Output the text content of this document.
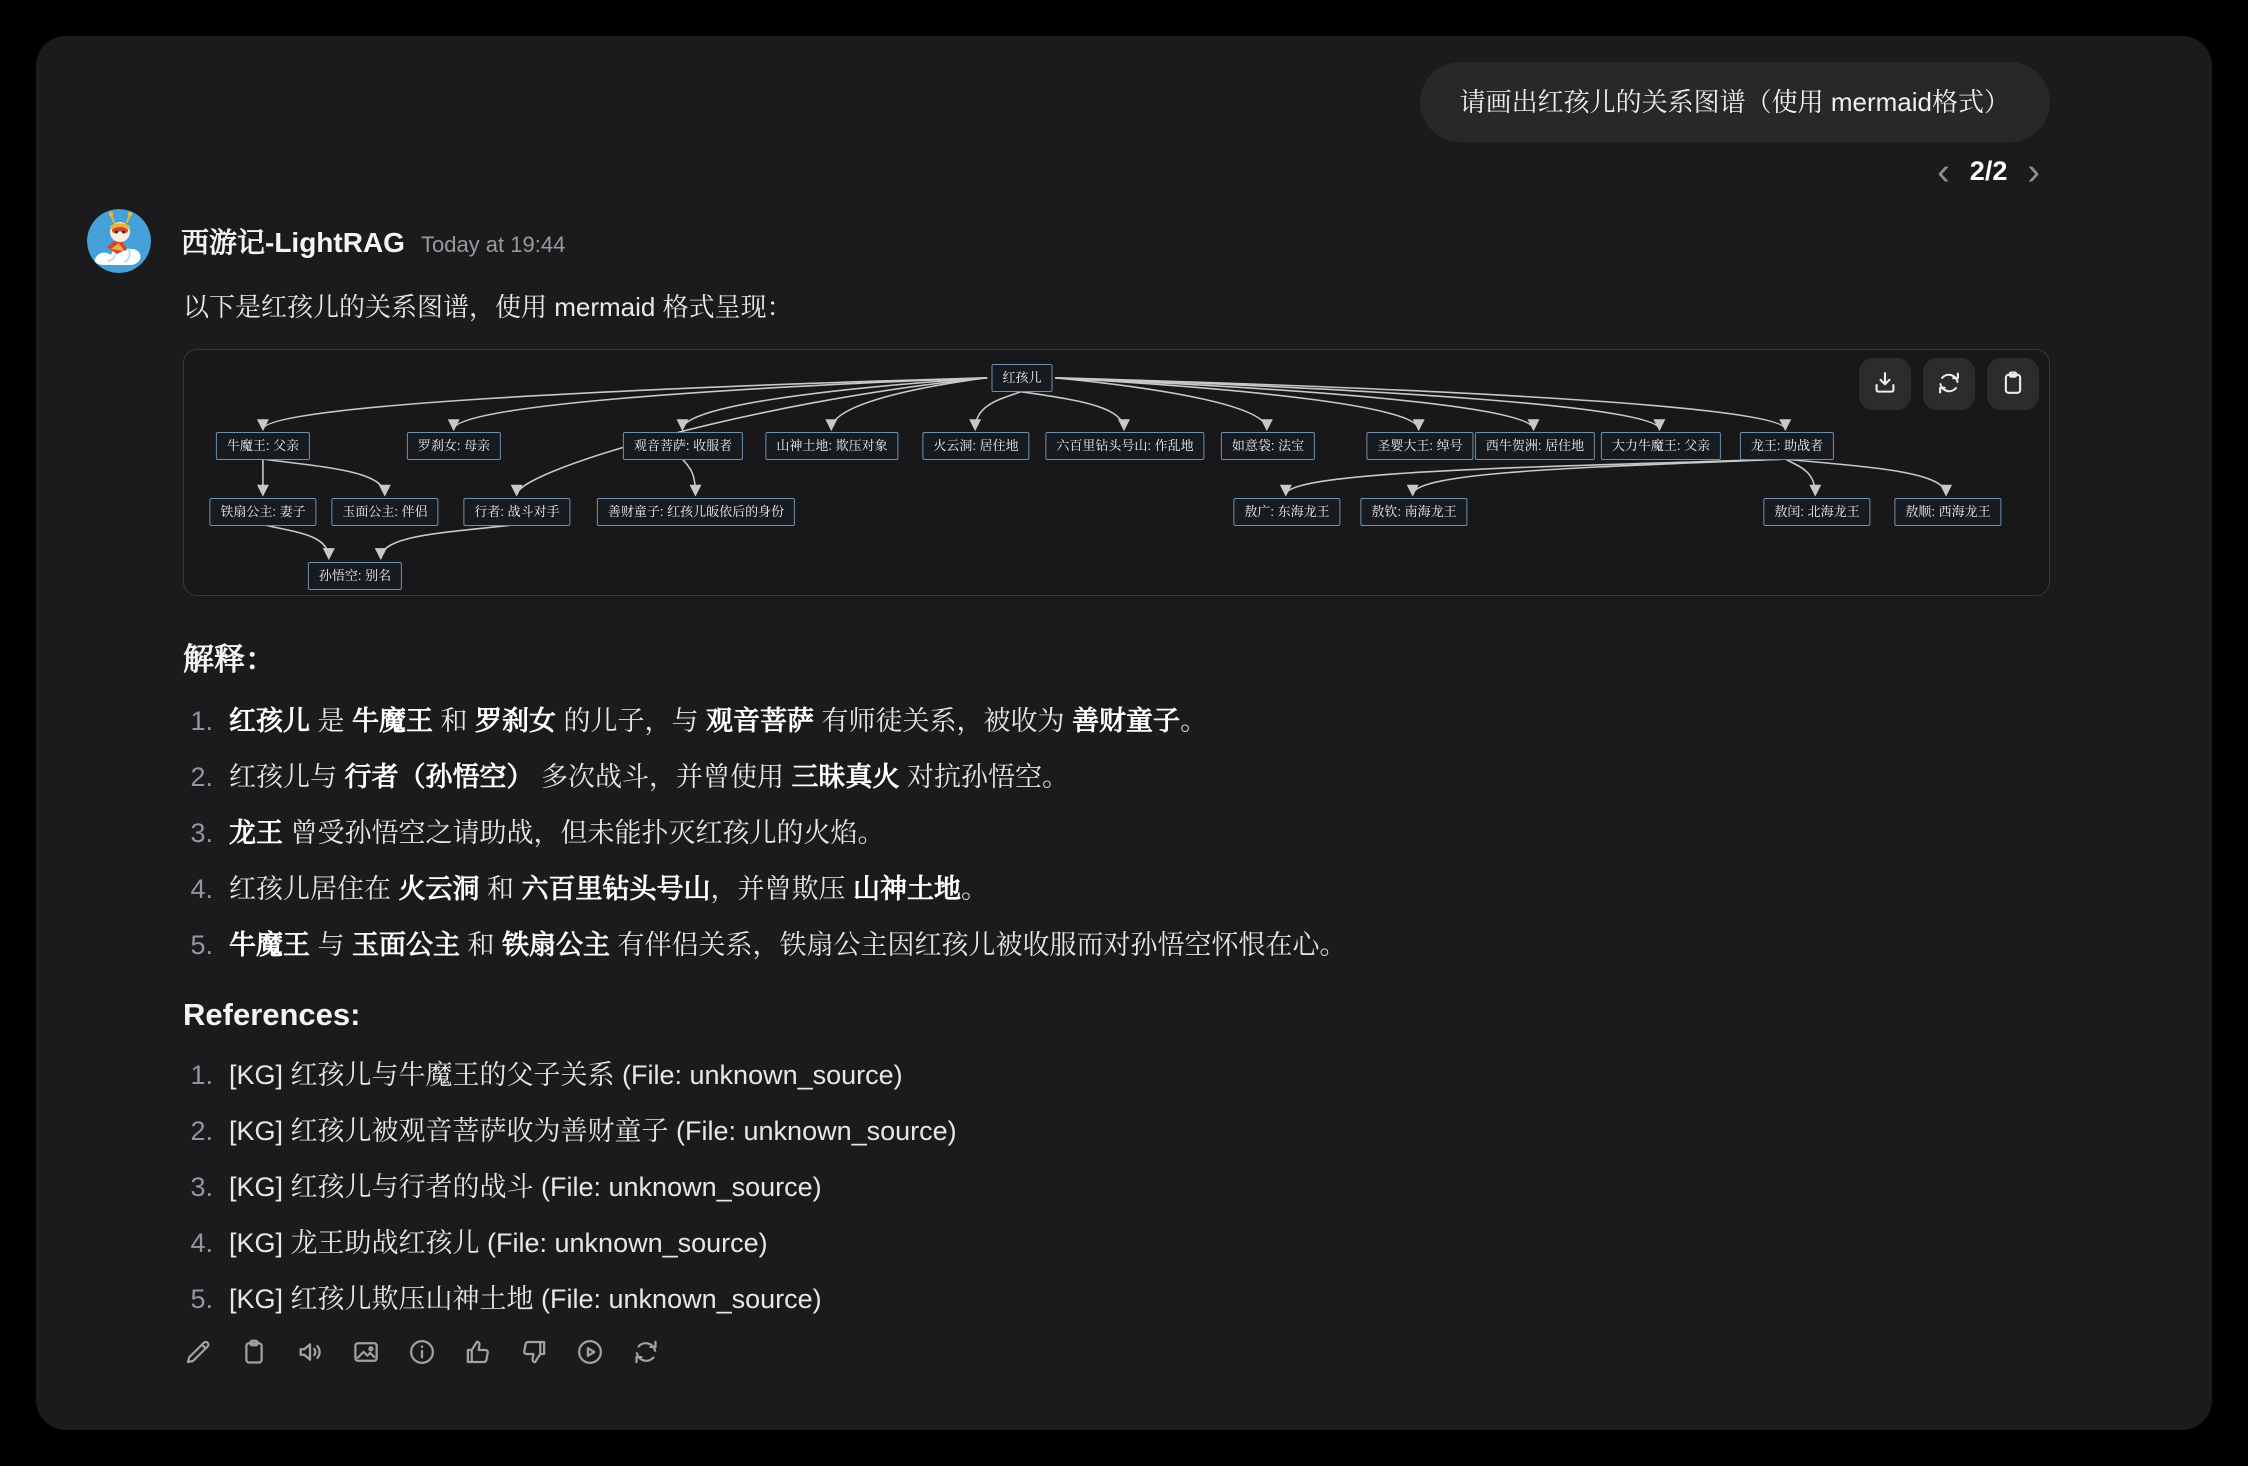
请画出红孩儿的关系图谱（使用 mermaid格式）
‹ 2/2 ›
西游记-LightRAG Today at 19:44

以下是红孩儿的关系图谱，使用 mermaid 格式呈现：

红孩儿
牛魔王: 父亲	罗刹女: 母亲	观音菩萨: 收服者	山神土地: 欺压对象	火云洞: 居住地	六百里钻头号山: 作乱地	如意袋: 法宝	圣婴大王: 绰号	西牛贺洲: 居住地	大力牛魔王: 父亲	龙王: 助战者
铁扇公主: 妻子	玉面公主: 伴侣	行者: 战斗对手	善财童子: 红孩儿皈依后的身份	敖广: 东海龙王	敖钦: 南海龙王	敖闰: 北海龙王	敖顺: 西海龙王
孙悟空: 别名
解释：
1. 红孩儿 是 牛魔王 和 罗刹女 的儿子，与 观音菩萨 有师徒关系，被收为 善财童子。
2. 红孩儿与 行者（孙悟空） 多次战斗，并曾使用 三昧真火 对抗孙悟空。
3. 龙王 曾受孙悟空之请助战，但未能扑灭红孩儿的火焰。
4. 红孩儿居住在 火云洞 和 六百里钻头号山，并曾欺压 山神土地。
5. 牛魔王 与 玉面公主 和 铁扇公主 有伴侣关系，铁扇公主因红孩儿被收服而对孙悟空怀恨在心。
References:
1. [KG] 红孩儿与牛魔王的父子关系 (File: unknown_source)
2. [KG] 红孩儿被观音菩萨收为善财童子 (File: unknown_source)
3. [KG] 红孩儿与行者的战斗 (File: unknown_source)
4. [KG] 龙王助战红孩儿 (File: unknown_source)
5. [KG] 红孩儿欺压山神土地 (File: unknown_source)
